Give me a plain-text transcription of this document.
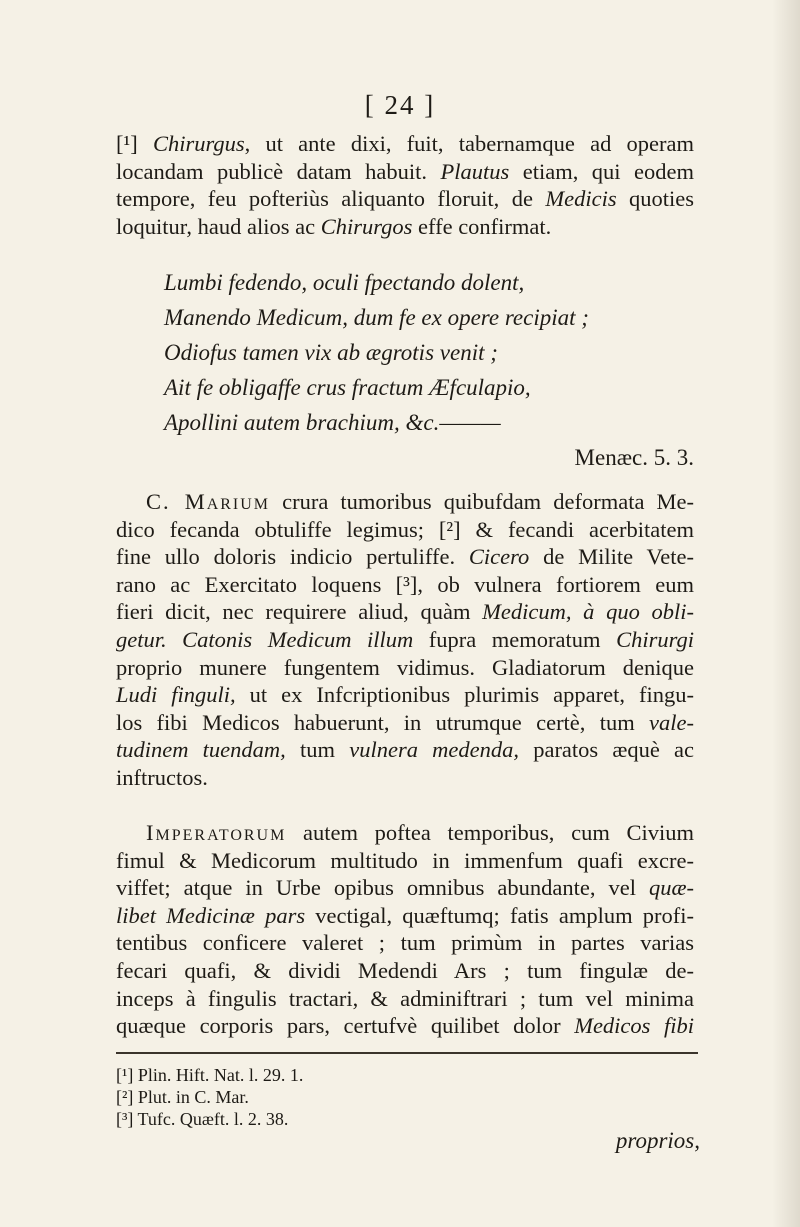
[ 24 ]
[¹] Chirurgus, ut ante dixi, fuit, tabernamque ad operam
locandam publicè datam habuit. Plautus etiam, qui eodem
tempore, feu pofteriùs aliquanto floruit, de Medicis quoties
loquitur, haud alios ac Chirurgos effe confirmat.
Lumbi fedendo, oculi fpectando dolent,
Manendo Medicum, dum fe ex opere recipiat ;
Odiofus tamen vix ab ægrotis venit ;
Ait fe obligaffe crus fractum Æfculapio,
Apollini autem brachium, &c.———
Menæc. 5. 3.
C. Marium crura tumoribus quibufdam deformata Me-
dico fecanda obtuliffe legimus; [²] & fecandi acerbitatem
fine ullo doloris indicio pertuliffe. Cicero de Milite Vete-
rano ac Exercitato loquens [³], ob vulnera fortiorem eum
fieri dicit, nec requirere aliud, quàm Medicum, à quo obli-
getur. Catonis Medicum illum fupra memoratum Chirurgi
proprio munere fungentem vidimus. Gladiatorum denique
Ludi finguli, ut ex Infcriptionibus plurimis apparet, fingu-
los fibi Medicos habuerunt, in utrumque certè, tum vale-
tudinem tuendam, tum vulnera medenda, paratos æquè ac
inftructos.
Imperatorum autem poftea temporibus, cum Civium
fimul & Medicorum multitudo in immenfum quafi excre-
viffet; atque in Urbe opibus omnibus abundante, vel quæ-
libet Medicinæ pars vectigal, quæftumq; fatis amplum profi-
tentibus conficere valeret ; tum primùm in partes varias
fecari quafi, & dividi Medendi Ars ; tum fingulæ de-
inceps à fingulis tractari, & adminiftrari ; tum vel minima
quæque corporis pars, certufvè quilibet dolor Medicos fibi
[¹] Plin. Hift. Nat. l. 29. 1.
[²] Plut. in C. Mar.
[³] Tufc. Quæft. l. 2. 38.
proprios,
